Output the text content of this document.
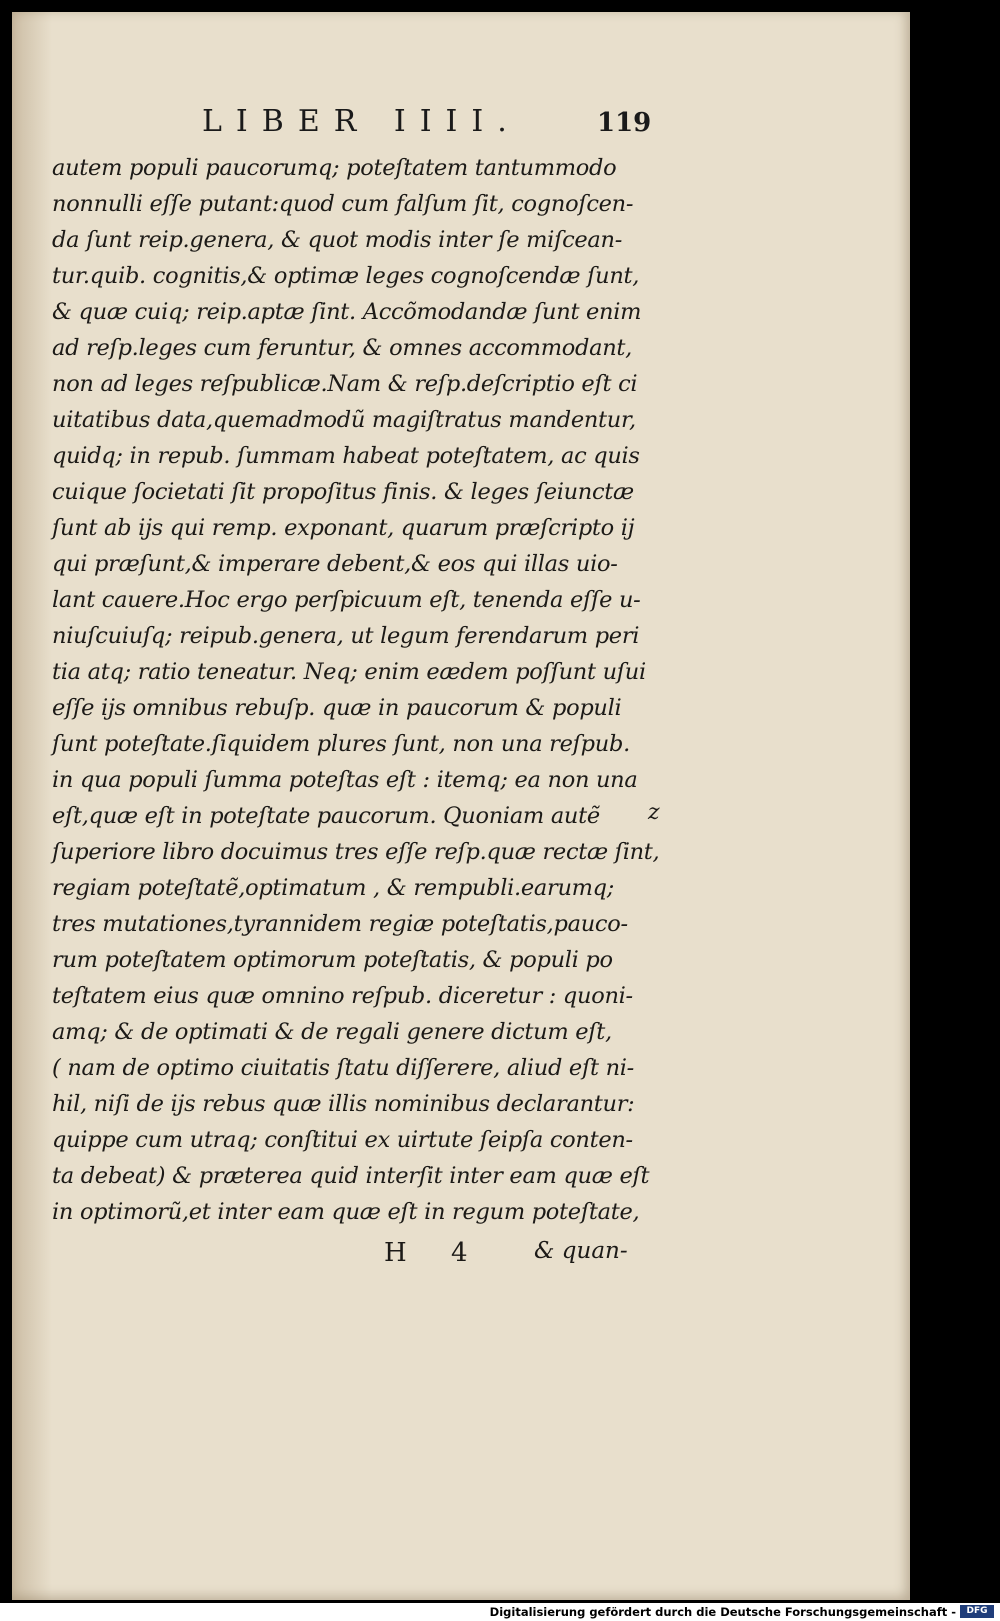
LIBER IIII.	119
autem populi paucorumq; poteſtatem tantummodo
nonnulli eſſe putant:quod cum falſum ſit, cognoſcen-
da ſunt reip.genera, & quot modis inter ſe miſcean-
tur.quib. cognitis,& optimæ leges cognoſcendæ ſunt,
& quæ cuiq; reip.aptæ ſint. Accõmodandæ ſunt enim
ad reſp.leges cum feruntur, & omnes accommodant,
non ad leges reſpublicæ.Nam & reſp.deſcriptio eſt ci
uitatibus data,quemadmodũ magiſtratus mandentur,
quidq; in repub. ſummam habeat poteſtatem, ac quis
cuique ſocietati ſit propoſitus finis. & leges ſeiunctæ
ſunt ab ijs qui remp. exponant, quarum præſcripto ij
qui præſunt,& imperare debent,& eos qui illas uio-
lant cauere.Hoc ergo perſpicuum eſt, tenenda eſſe u-
niuſcuiuſq; reipub.genera, ut legum ferendarum peri
tia atq; ratio teneatur. Neq; enim eædem poſſunt uſui
eſſe ijs omnibus rebuſp. quæ in paucorum & populi
ſunt poteſtate.ſiquidem plures ſunt, non una reſpub.
in qua populi ſumma poteſtas eſt : itemq; ea non una
eſt,quæ eſt in poteſtate paucorum. Quoniam autẽ
ſuperiore libro docuimus tres eſſe reſp.quæ rectæ ſint,
regiam poteſtatẽ,optimatum , & rempubli.earumq;
tres mutationes,tyrannidem regiæ poteſtatis,pauco-
rum poteſtatem optimorum poteſtatis, & populi po
teſtatem eius quæ omnino reſpub. diceretur : quoni-
amq; & de optimati & de regali genere dictum eſt,
( nam de optimo ciuitatis ſtatu diſſerere, aliud eſt ni-
hil, niſi de ijs rebus quæ illis nominibus declarantur:
quippe cum utraq; conſtitui ex uirtute ſeipſa conten-
ta debeat) & præterea quid interſit inter eam quæ eſt
in optimorũ,et inter eam quæ eſt in regum poteſtate,
z
H 4 & quan-
Digitalisierung gefördert durch die Deutsche Forschungsgemeinschaft -	DFG
